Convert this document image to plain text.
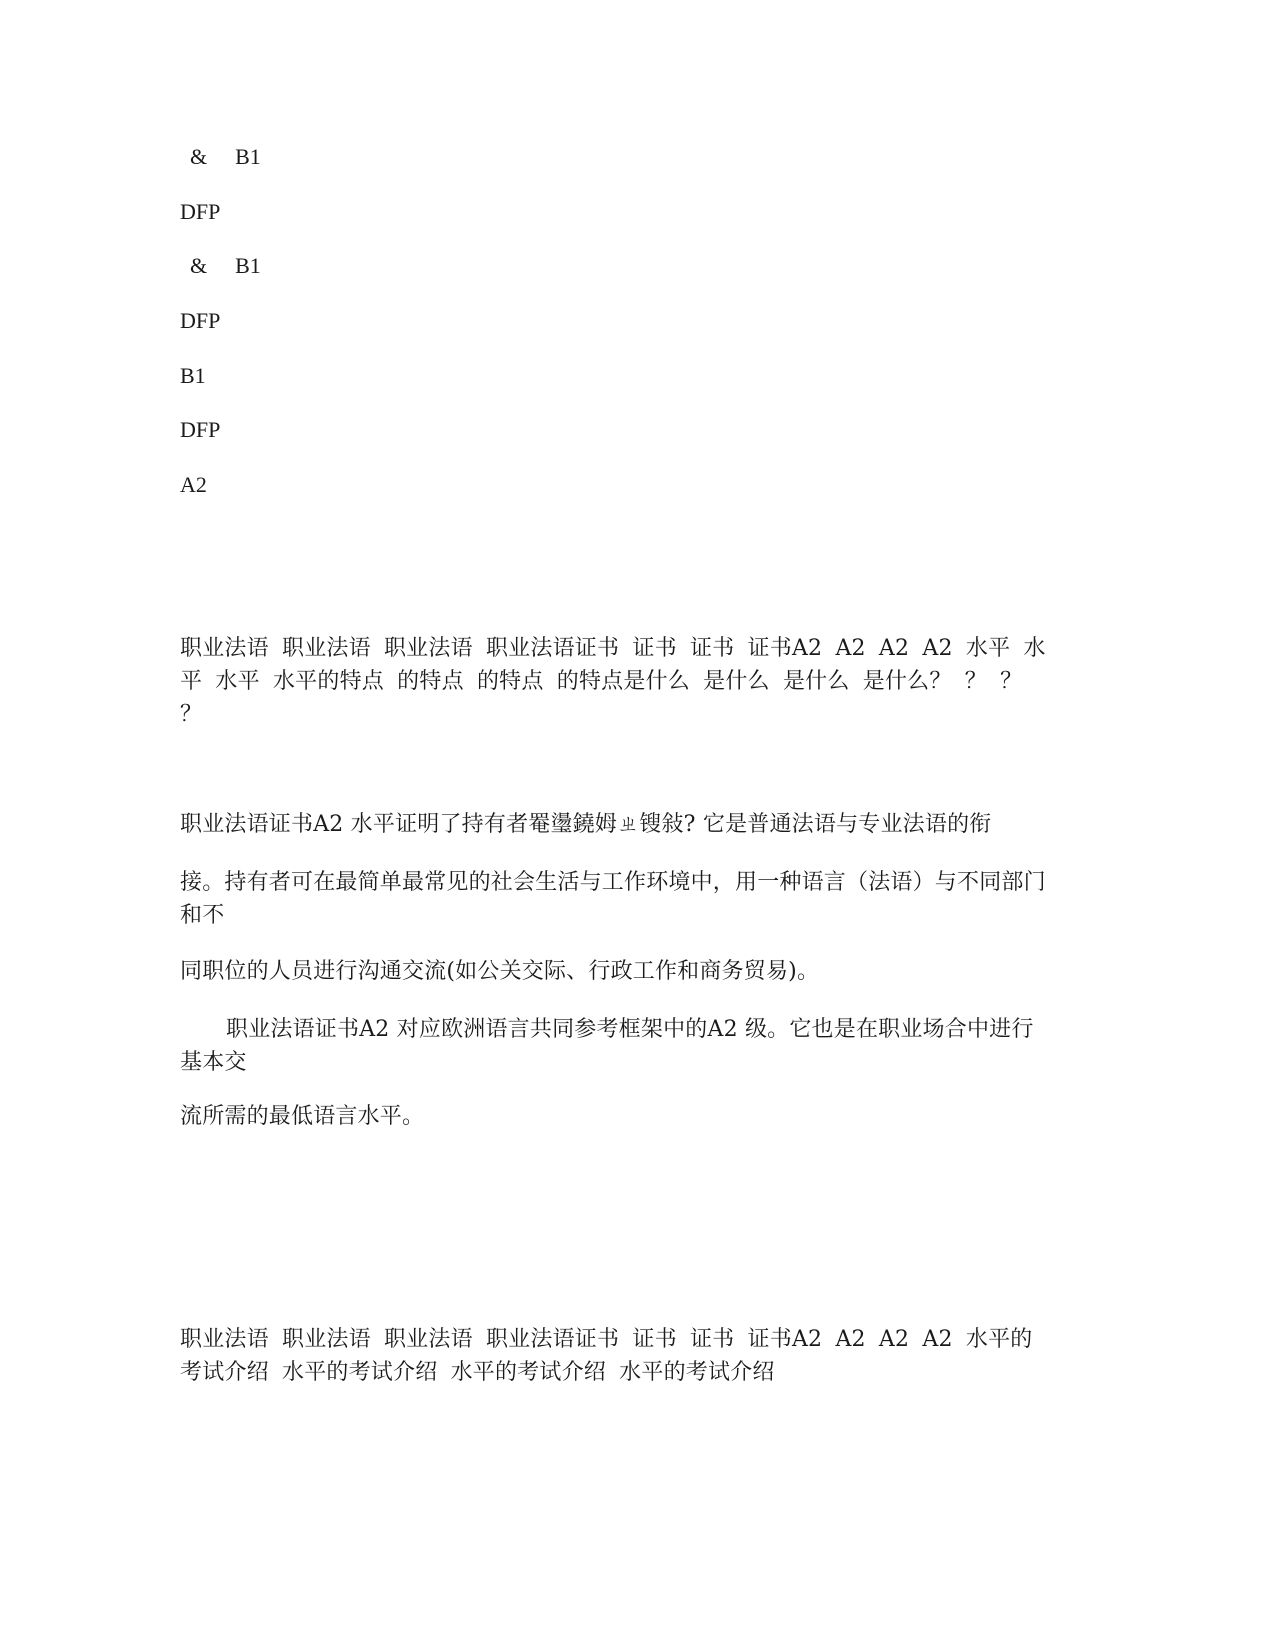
& B1
DFP
& B1
DFP
B1
DFP
A2
职业法语 职业法语 职业法语 职业法语证书 证书 证书 证书A2 A2 A2 A2 水平 水平 水平 水平的特点 的特点 的特点 的特点是什么 是什么 是什么 是什么？ ？ ？ ？
职业法语证书A2 水平证明了持有者罨璗鐃姆ㄓ锼敍? 它是普通法语与专业法语的衔
接。持有者可在最简单最常见的社会生活与工作环境中，用一种语言（法语）与不同部门和不
同职位的人员进行沟通交流(如公关交际、行政工作和商务贸易)。
职业法语证书A2 对应欧洲语言共同参考框架中的A2 级。它也是在职业场合中进行基本交
流所需的最低语言水平。
职业法语 职业法语 职业法语 职业法语证书 证书 证书 证书A2 A2 A2 A2 水平的考试介绍 水平的考试介绍 水平的考试介绍 水平的考试介绍
